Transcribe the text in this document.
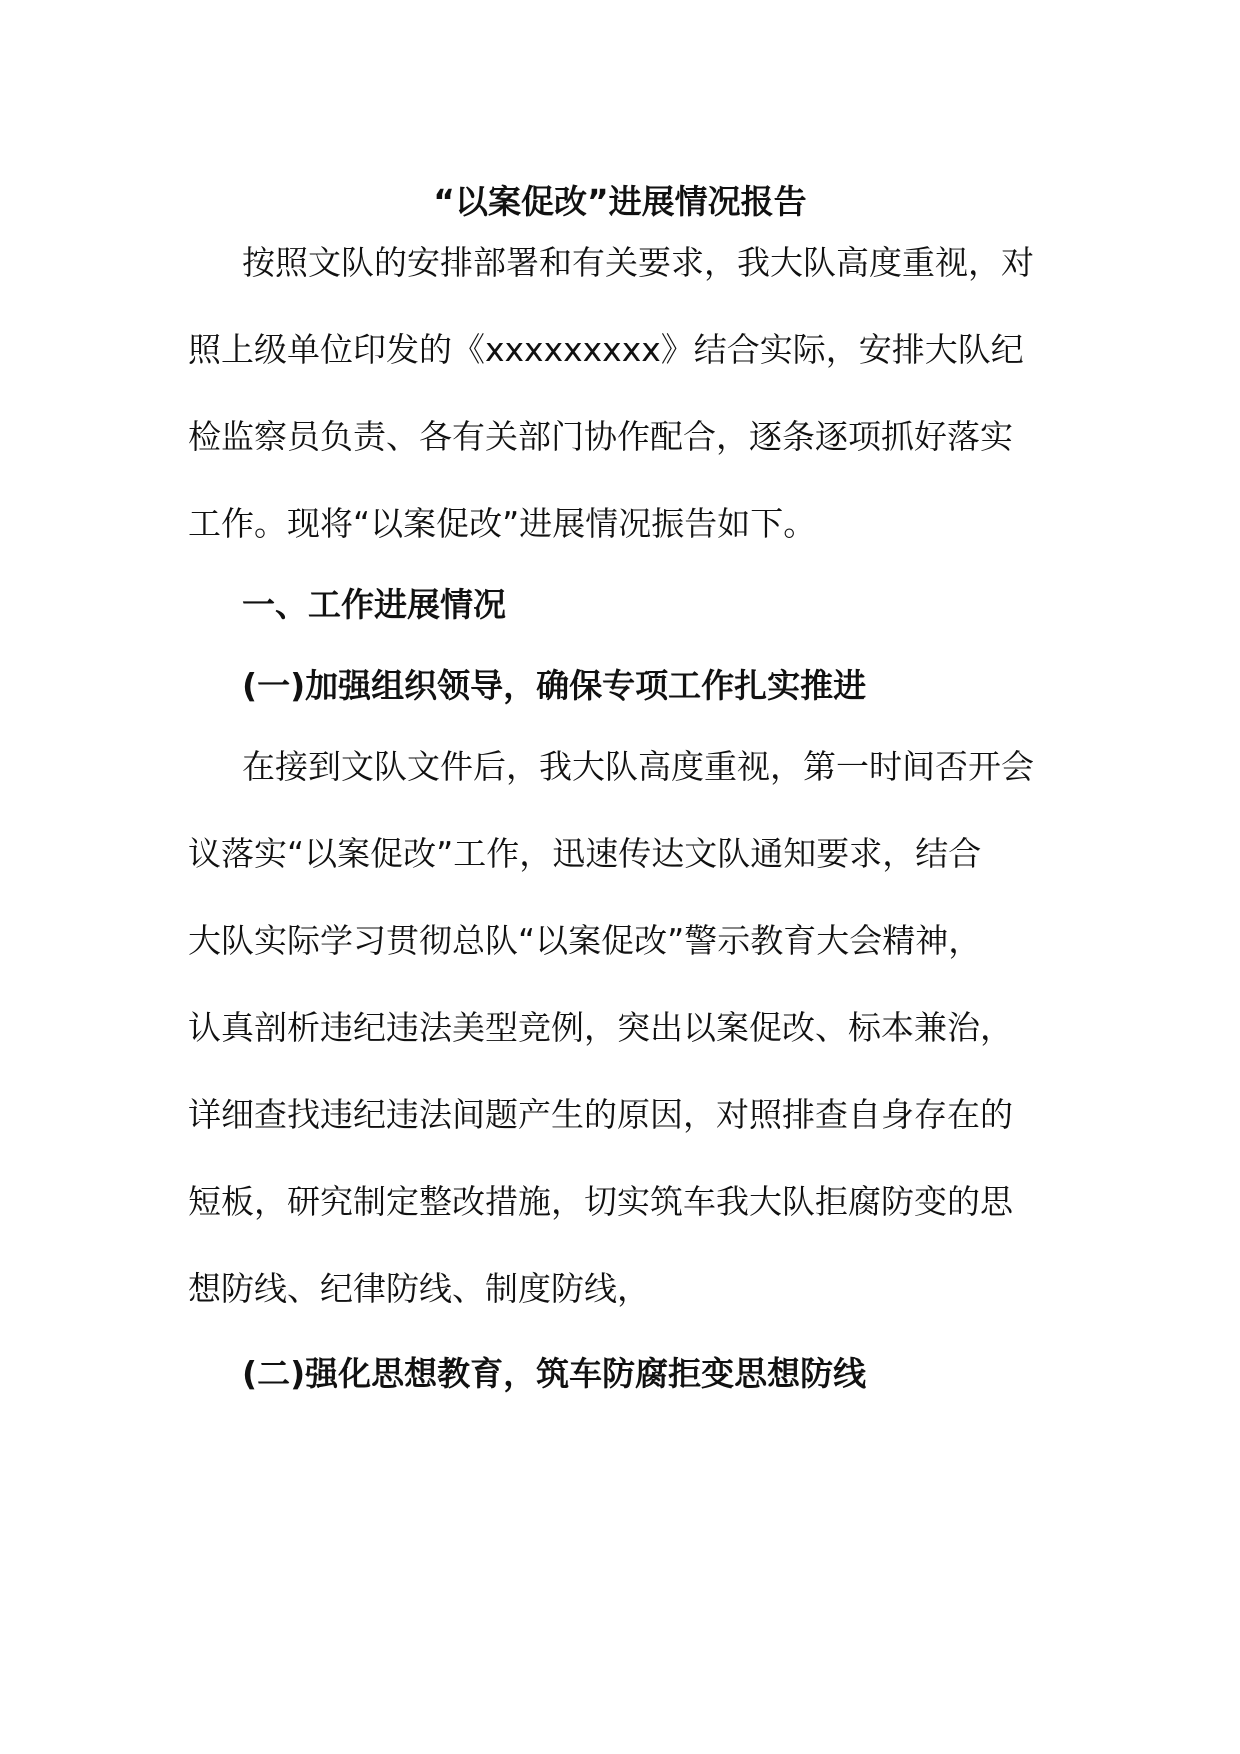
“以案促改”进展情况报告
按照文队的安排部署和有关要求，我大队高度重视，对
照上级单位印发的《xxxxxxxxx》结合实际，安排大队纪
检监察员负责、各有关部门协作配合，逐条逐项抓好落实
工作。现将“以案促改”进展情况振告如下。
一、工作进展情况
(一)加强组织领导，确保专项工作扎实推进
在接到文队文件后，我大队高度重视，第一时间否开会
议落实“以案促改”工作，迅速传达文队通知要求，结合
大队实际学习贯彻总队“以案促改”警示教育大会精神，
认真剖析违纪违法美型竞例，突出以案促改、标本兼治，
详细查找违纪违法间题产生的原因，对照排查自身存在的
短板，研究制定整改措施，切实筑车我大队拒腐防变的思
想防线、纪律防线、制度防线，
(二)强化思想教育，筑车防腐拒变思想防线
